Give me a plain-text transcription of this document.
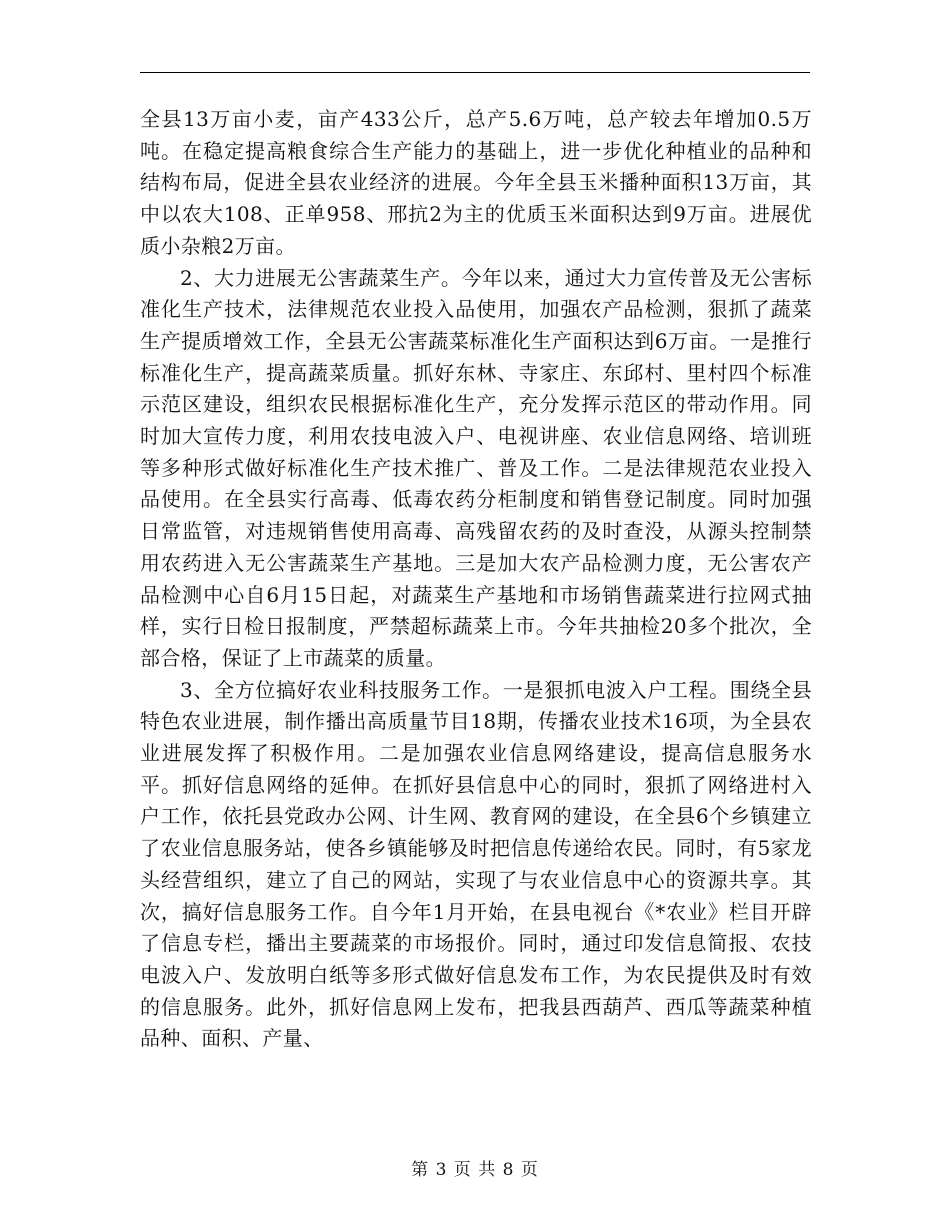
全县13万亩小麦，亩产433公斤，总产5.6万吨，总产较去年增加0.5万吨。在稳定提高粮食综合生产能力的基础上，进一步优化种植业的品种和结构布局，促进全县农业经济的进展。今年全县玉米播种面积13万亩，其中以农大108、正单958、邢抗2为主的优质玉米面积达到9万亩。进展优质小杂粮2万亩。

2、大力进展无公害蔬菜生产。今年以来，通过大力宣传普及无公害标准化生产技术，法律规范农业投入品使用，加强农产品检测，狠抓了蔬菜生产提质增效工作，全县无公害蔬菜标准化生产面积达到6万亩。一是推行标准化生产，提高蔬菜质量。抓好东林、寺家庄、东邱村、里村四个标准示范区建设，组织农民根据标准化生产，充分发挥示范区的带动作用。同时加大宣传力度，利用农技电波入户、电视讲座、农业信息网络、培训班等多种形式做好标准化生产技术推广、普及工作。二是法律规范农业投入品使用。在全县实行高毒、低毒农药分柜制度和销售登记制度。同时加强日常监管，对违规销售使用高毒、高残留农药的及时查没，从源头控制禁用农药进入无公害蔬菜生产基地。三是加大农产品检测力度，无公害农产品检测中心自6月15日起，对蔬菜生产基地和市场销售蔬菜进行拉网式抽样，实行日检日报制度，严禁超标蔬菜上市。今年共抽检20多个批次，全部合格，保证了上市蔬菜的质量。

3、全方位搞好农业科技服务工作。一是狠抓电波入户工程。围绕全县特色农业进展，制作播出高质量节目18期，传播农业技术16项，为全县农业进展发挥了积极作用。二是加强农业信息网络建设，提高信息服务水平。抓好信息网络的延伸。在抓好县信息中心的同时，狠抓了网络进村入户工作，依托县党政办公网、计生网、教育网的建设，在全县6个乡镇建立了农业信息服务站，使各乡镇能够及时把信息传递给农民。同时，有5家龙头经营组织，建立了自己的网站，实现了与农业信息中心的资源共享。其次，搞好信息服务工作。自今年1月开始，在县电视台《*农业》栏目开辟了信息专栏，播出主要蔬菜的市场报价。同时，通过印发信息简报、农技电波入户、发放明白纸等多形式做好信息发布工作，为农民提供及时有效的信息服务。此外，抓好信息网上发布，把我县西葫芦、西瓜等蔬菜种植品种、面积、产量、

第 3 页 共 8 页
